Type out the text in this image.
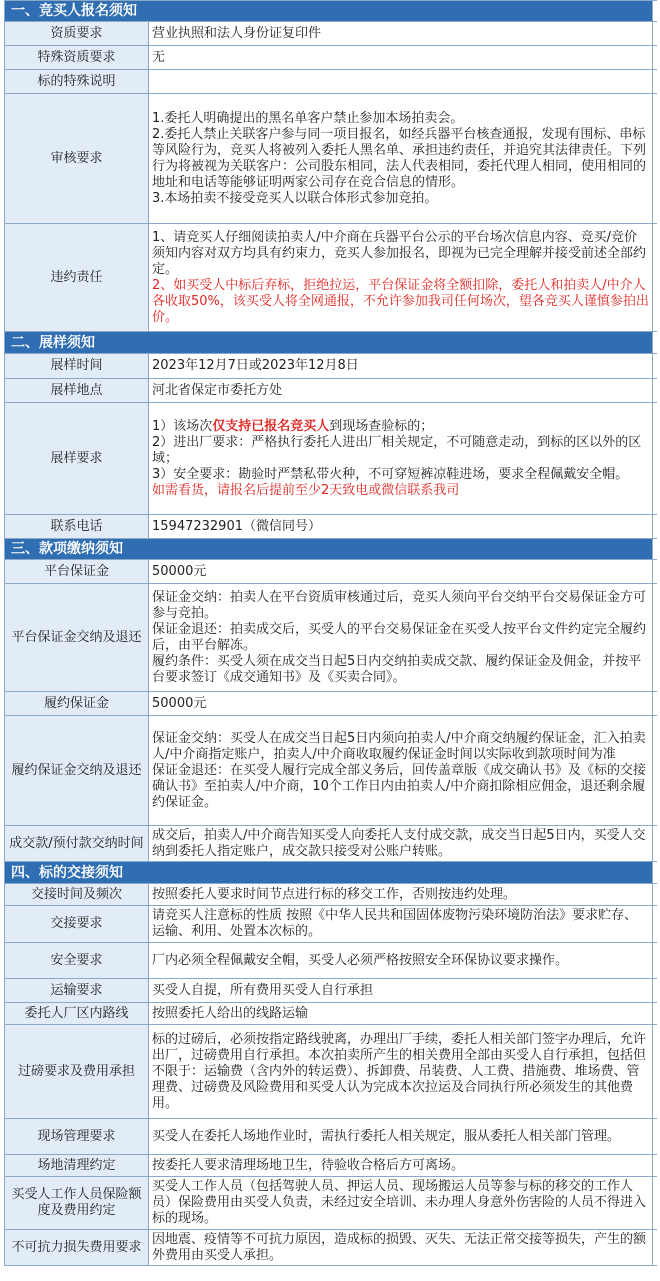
一、竞买人报名须知		
资质要求	营业执照和法人身份证复印件	
特殊资质要求	无	
标的特殊说明		
审核要求	1.委托人明确提出的黑名单客户禁止参加本场拍卖会。
2.委托人禁止关联客户参与同一项目报名，如经兵器平台核查通报，发现有围标、串标等风险行为，竞买人将被列入委托人黑名单、承担违约责任，并追究其法律责任。下列行为将被视为关联客户：公司股东相同，法人代表相同，委托代理人相同，使用相同的地址和电话等能够证明两家公司存在竞合信息的情形。
3.本场拍卖不接受竞买人以联合体形式参加竞拍。	

违约责任	1、请竞买人仔细阅读拍卖人/中介商在兵器平台公示的平台场次信息内容、竞买/竞价须知内容对双方均具有约束力，竞买人参加报名，即视为已完全理解并接受前述全部约定。
2、如买受人中标后弃标，拒绝拉运，平台保证金将全额扣除，委托人和拍卖人/中介人各收取50%，该买受人将全网通报，不允许参加我司任何场次，望各竞买人谨慎参拍出价。	

二、展样须知		
展样时间	2023年12月7日或2023年12月8日	
展样地点	河北省保定市委托方处	
展样要求	1）该场次仅支持已报名竞买人到现场查验标的；
2）进出厂要求：严格执行委托人进出厂相关规定，不可随意走动，到标的区以外的区域；
3）安全要求：勘验时严禁私带火种，不可穿短裤凉鞋进场，要求全程佩戴安全帽。
如需看货，请报名后提前至少2天致电或微信联系我司	

联系电话	15947232901（微信同号）	
三、款项缴纳须知		
平台保证金	50000元	
平台保证金交纳及退还	保证金交纳：拍卖人在平台资质审核通过后，竞买人须向平台交纳平台交易保证金方可参与竞拍。
保证金退还：拍卖成交后，买受人的平台交易保证金在买受人按平台文件约定完全履约后，由平台解冻。
履约条件：买受人须在成交当日起5日内交纳拍卖成交款、履约保证金及佣金，并按平台要求签订《成交通知书》及《买卖合同》。	

履约保证金	50000元	
履约保证金交纳及退还	保证金交纳：买受人在成交当日起5日内须向拍卖人/中介商交纳履约保证金，汇入拍卖人/中介商指定账户，拍卖人/中介商收取履约保证金时间以实际收到款项时间为准
保证金退还：在买受人履行完成全部义务后，回传盖章版《成交确认书》及《标的交接确认书》至拍卖人/中介商，10个工作日内由拍卖人/中介商扣除相应佣金，退还剩余履约保证金。	

成交款/预付款交纳时间	成交后，拍卖人/中介商告知买受人向委托人支付成交款，成交当日起5日内，买受人交纳到委托人指定账户，成交款只接受对公账户转账。	
四、标的交接须知		
交接时间及频次	按照委托人要求时间节点进行标的移交工作，否则按违约处理。	
交接要求	请竞买人注意标的性质 按照《中华人民共和国固体废物污染环境防治法》要求贮存、运输、利用、处置本次标的。	
安全要求	厂内必须全程佩戴安全帽，买受人必须严格按照安全环保协议要求操作。	
运输要求	买受人自提，所有费用买受人自行承担	
委托人厂区内路线	按照委托人给出的线路运输	
过磅要求及费用承担	标的过磅后，必须按指定路线驶离，办理出厂手续，委托人相关部门签字办理后，允许出厂，过磅费用自行承担。本次拍卖所产生的相关费用全部由买受人自行承担，包括但不限于：运输费（含内外的转运费）、拆卸费、吊装费、人工费、措施费、堆场费、管理费、过磅费及风险费用和买受人认为完成本次拉运及合同执行所必须发生的其他费用。	
现场管理要求	买受人在委托人场地作业时，需执行委托人相关规定，服从委托人相关部门管理。	
场地清理约定	按委托人要求清理场地卫生，待验收合格后方可离场。	
买受人工作人员保险额度及费用约定	买受人工作人员（包括驾驶人员、押运人员、现场搬运人员等参与标的移交的工作人员）保险费用由买受人负责，未经过安全培训、未办理人身意外伤害险的人员不得进入标的现场。	
不可抗力损失费用要求	因地震、疫情等不可抗力原因，造成标的损毁、灭失、无法正常交接等损失，产生的额外费用由买受人承担。	
